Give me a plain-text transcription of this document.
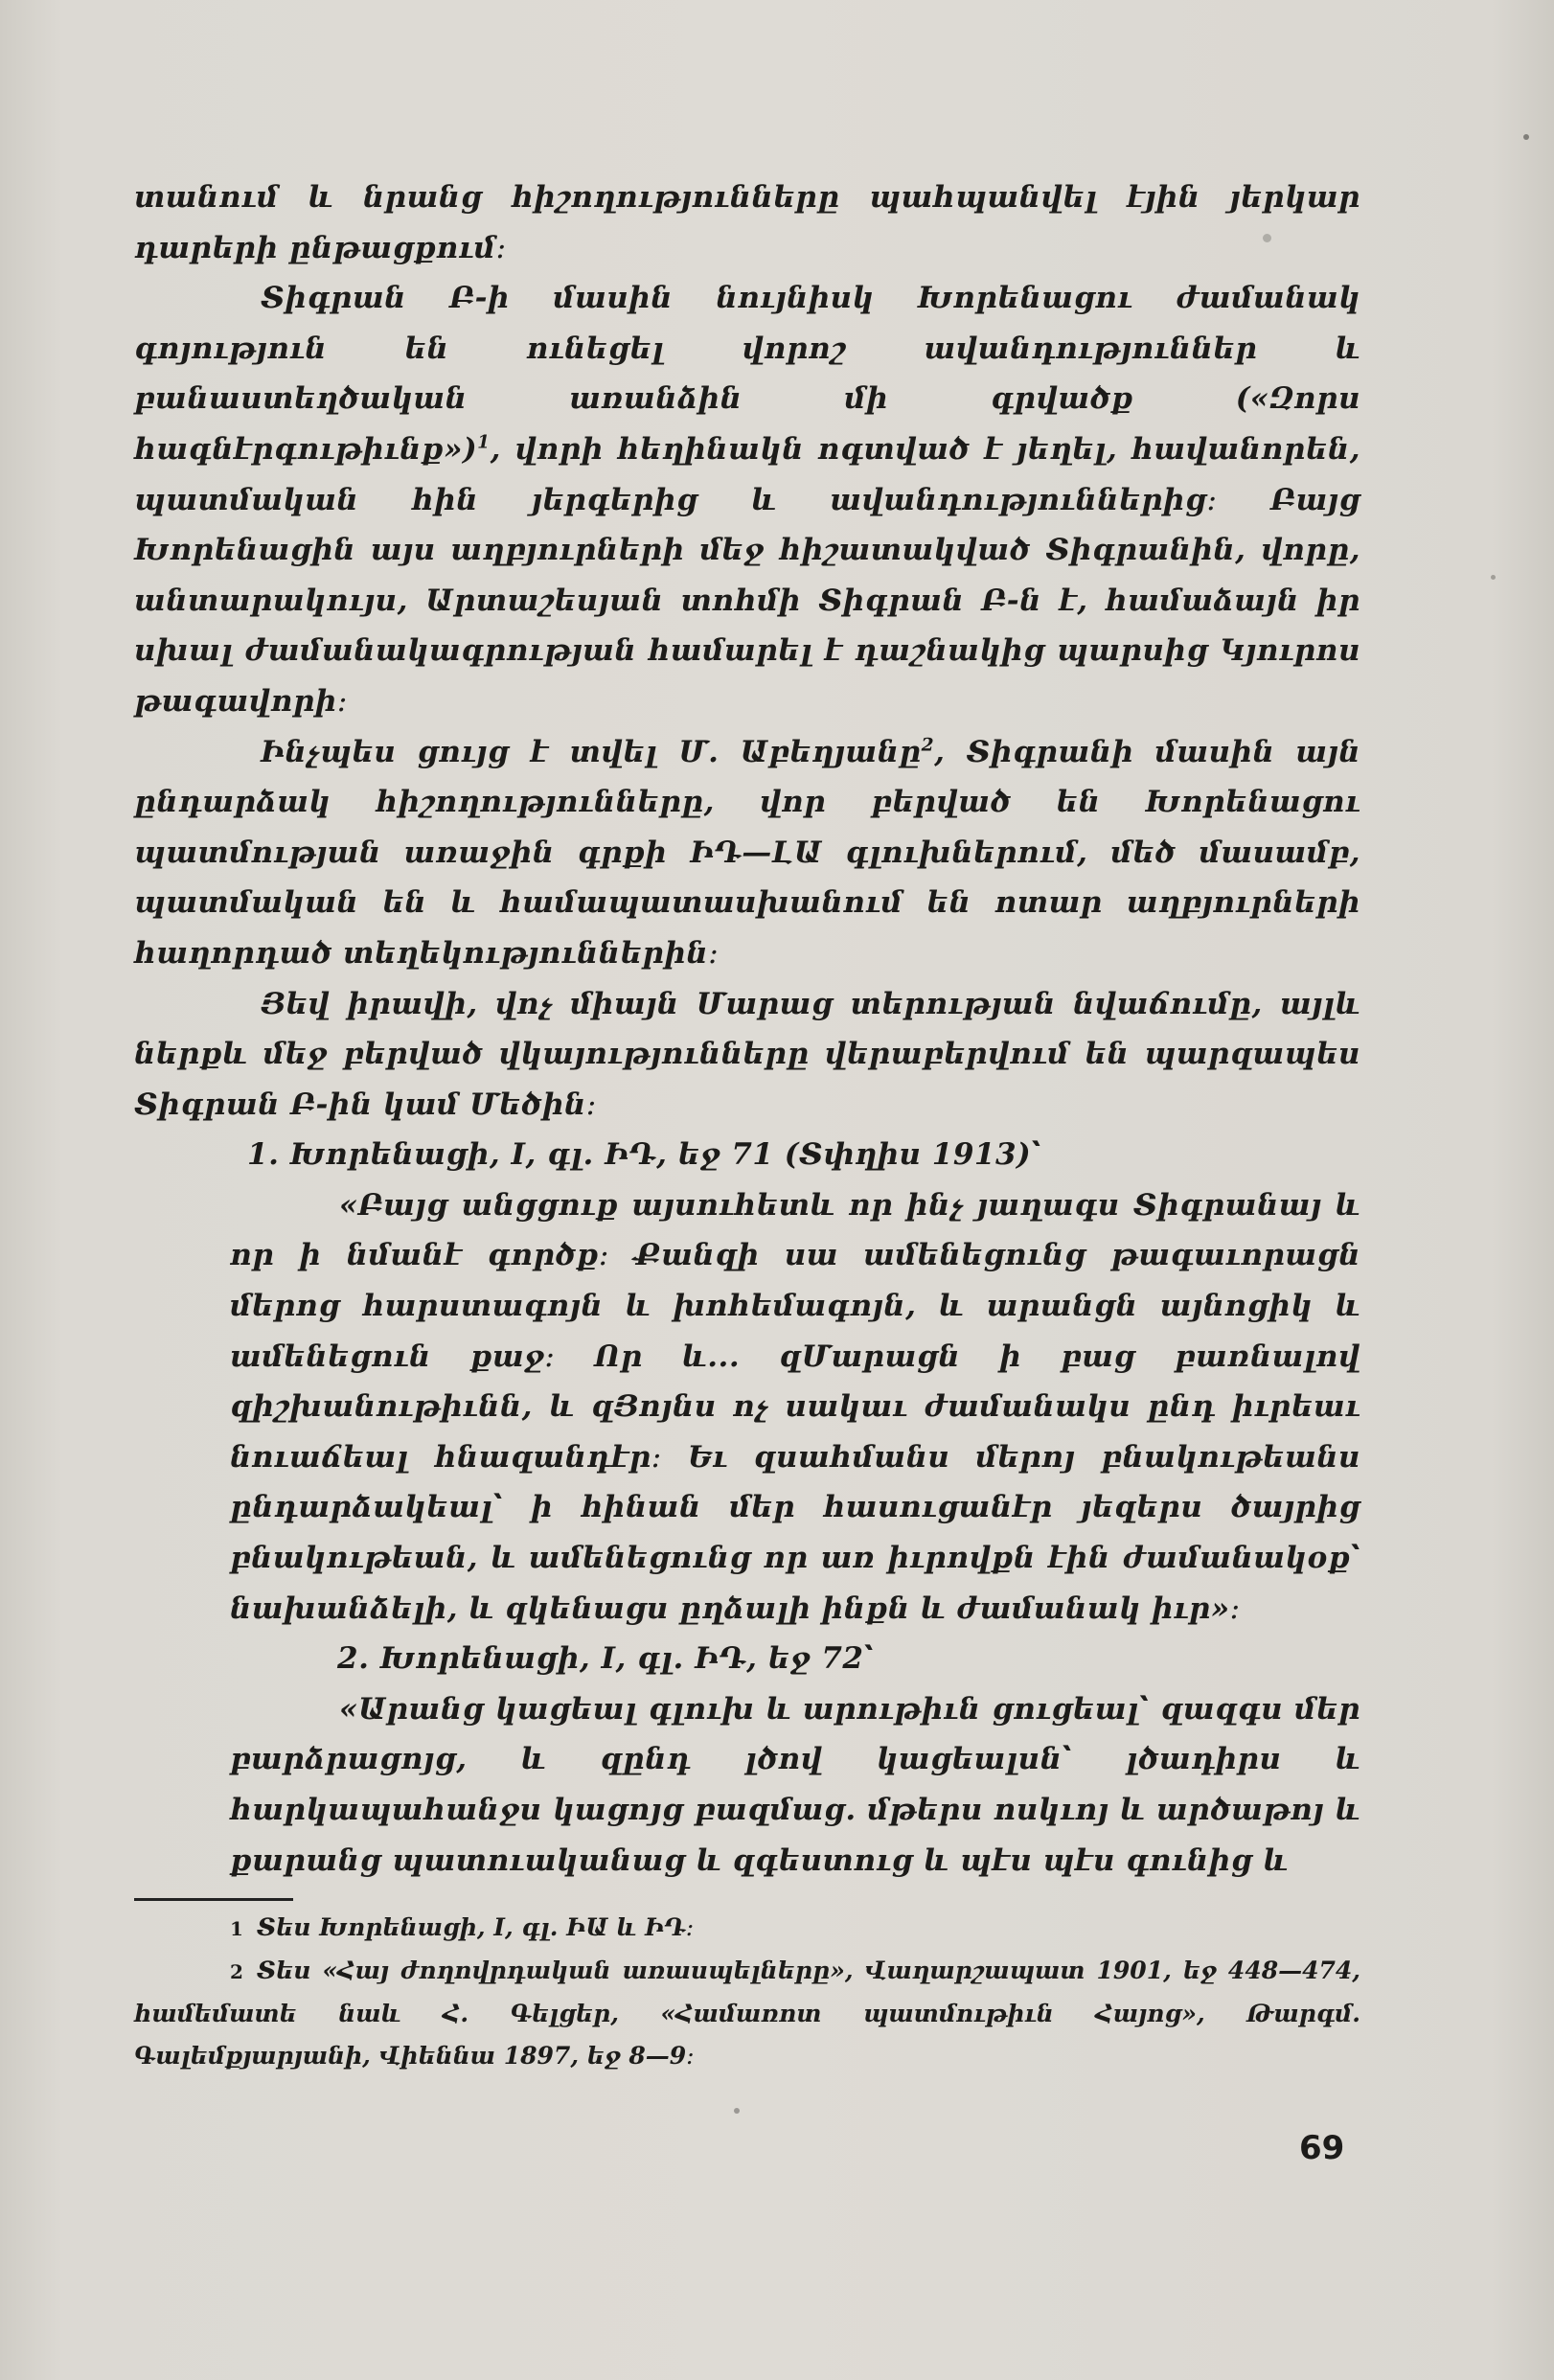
տանում և նրանց հիշողությունները պահպանվել էյին յերկար դարերի ընթացքում։

Տիգրան Բ-ի մասին նույնիսկ Խորենացու ժամանակ գոյություն են ունեցել վորոշ ավանդություններ և բանաստեղծական առանձին մի գրվածք («Զորս հագնէրգութիւնք»)$^1$, վորի հեղինակն ոգտված է յեղել, հավանորեն, պատմական հին յերգերից և ավանդություններից։ Բայց Խորենացին այս աղբյուրների մեջ հիշատակված Տիգրանին, վորը, անտարակույս, Արտաշեսյան տոհմի Տիգրան Բ-ն է, համաձայն իր սխալ ժամանակագրության համարել է դաշնակից պարսից Կյուրոս թագավորի։

Ինչպես ցույց է տվել Մ. Աբեղյանը$^2$, Տիգրանի մասին այն ընդարձակ հիշողությունները, վոր բերված են Խորենացու պատմության առաջին գրքի ԻԴ—ԼԱ գլուխներում, մեծ մասամբ, պատմական են և համապատասխանում են ոտար աղբյուրների հաղորդած տեղեկություններին։

Յեվ իրավի, վոչ միայն Մարաց տերության նվաճումը, այլև ներքև մեջ բերված վկայությունները վերաբերվում են պարզապես Տիգրան Բ-ին կամ Մեծին։

1. Խորենացի, I, գլ. ԻԴ, եջ 71 (Տփղիս 1913)՝

«Բայց անցցուք այսուհետև որ ինչ յաղագս Տիգրանայ և որ ի նմանէ գործք։ Քանզի սա ամենեցունց թագաւորացն մերոց հարստագոյն և խոհեմագոյն, և արանցն այնոցիկ և ամենեցուն քաջ։ Որ և... զՄարացն ի բաց բառնալով զիշխանութիւնն, և զՅոյնս ոչ սակաւ ժամանակս ընդ իւրեաւ նուաճեալ հնազանդէր։ Եւ զսահմանս մերոյ բնակութեանս ընդարձակեալ՝ ի հինան մեր հասուցանէր յեզերս ծայրից բնակութեան, և ամենեցունց որ առ իւրովքն էին ժամանակօք՝ նախանձելի, և զկենացս ըղձալի ինքն և ժամանակ իւր»։

2. Խորենացի, I, գլ. ԻԴ, եջ 72՝

«Արանց կացեալ գլուխ և արութիւն ցուցեալ՝ զազգս մեր բարձրացոյց, և զընդ լծով կացեալսն՝ լծադիրս և հարկապահանջս կացոյց բազմաց. մթերս ոսկւոյ և արծաթոյ և քարանց պատուականաց և զգեստուց և պէս պէս գունից և

1 Տես Խորենացի, I, գլ. ԻԱ և ԻԴ։

2 Տես «Հայ ժողովրդական առասպելները», Վաղարշապատ 1901, եջ 448—474, համեմատե նաև Հ. Գելցեր, «Համառոտ պատմութիւն Հայոց», Թարգմ. Գալեմքյարյանի, Վիեննա 1897, եջ 8—9։

69
